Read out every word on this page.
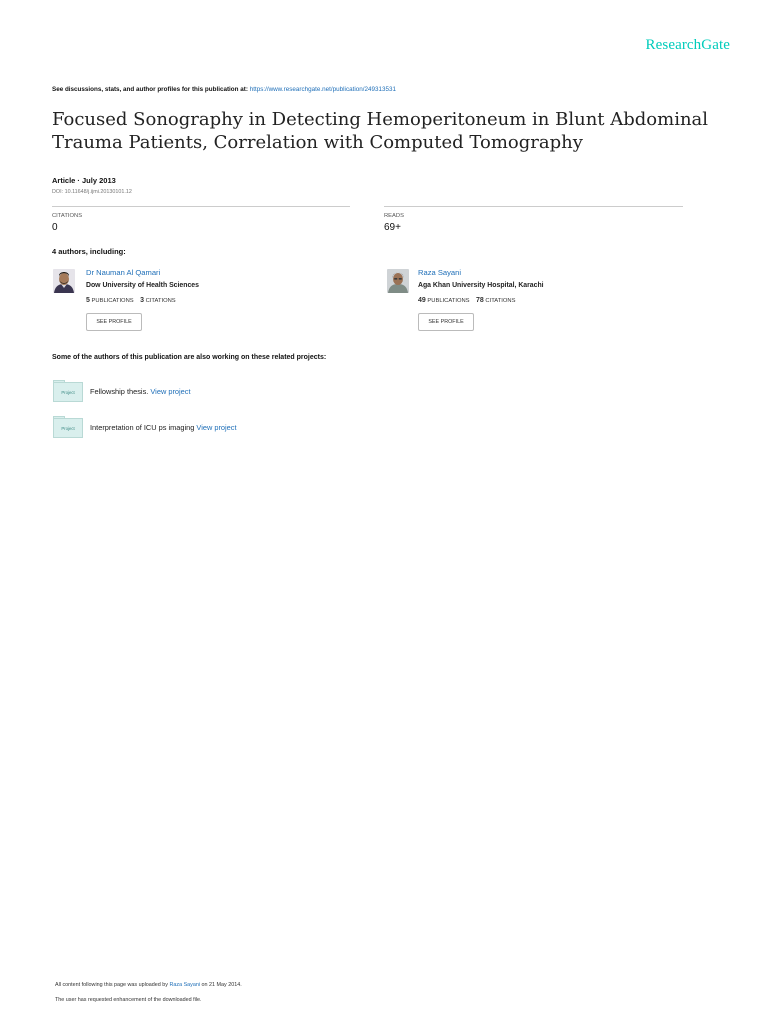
ResearchGate
See discussions, stats, and author profiles for this publication at: https://www.researchgate.net/publication/249313531
Focused Sonography in Detecting Hemoperitoneum in Blunt Abdominal
Trauma Patients, Correlation with Computed Tomography
Article · July 2013
DOI: 10.11648/j.ijmi.20130101.12
CITATIONS
0
READS
69+
4 authors, including:
Dr Nauman Al Qamari
Dow University of Health Sciences
5 PUBLICATIONS 3 CITATIONS
SEE PROFILE
Raza Sayani
Aga Khan University Hospital, Karachi
49 PUBLICATIONS 78 CITATIONS
SEE PROFILE
Some of the authors of this publication are also working on these related projects:
Project	Fellowship thesis. View project
Project	Interpretation of ICU ps imaging View project
All content following this page was uploaded by Raza Sayani on 21 May 2014.
The user has requested enhancement of the downloaded file.
